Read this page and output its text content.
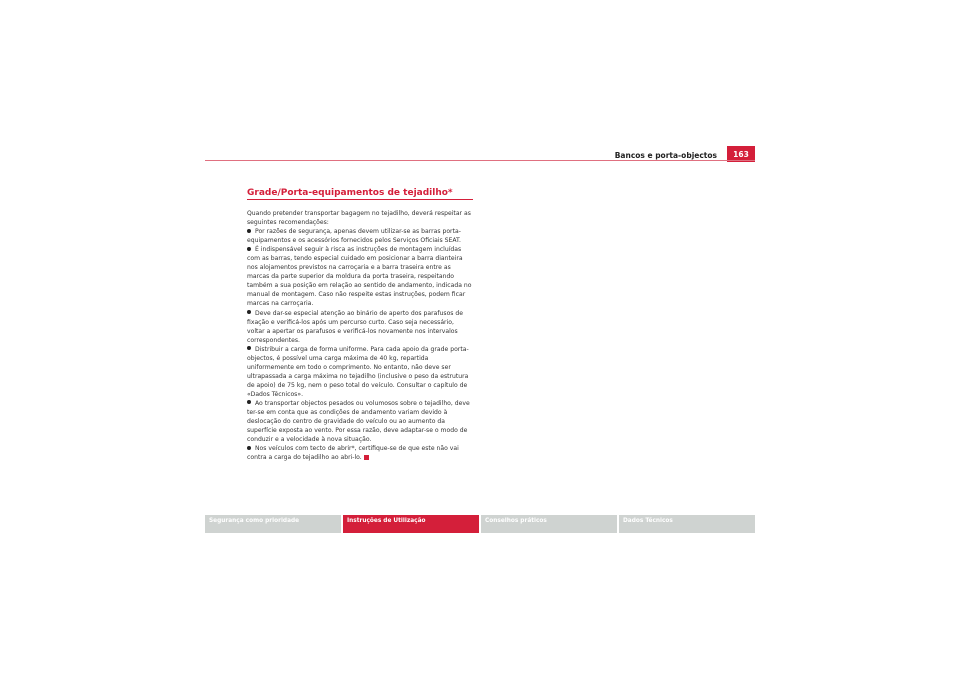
Bancos e porta-objectos	163
Grade/Porta-equipamentos de tejadilho*

Quando pretender transportar bagagem no tejadilho, deverá respeitar as seguintes recomendações:

Por razões de segurança, apenas devem utilizar-se as barras porta-equipamentos e os acessórios fornecidos pelos Serviços Oficiais SEAT.

É indispensável seguir à risca as instruções de montagem incluídas com as barras, tendo especial cuidado em posicionar a barra dianteira nos alojamentos previstos na carroçaria e a barra traseira entre as marcas da parte superior da moldura da porta traseira, respeitando também a sua posição em relação ao sentido de andamento, indicada no manual de montagem. Caso não respeite estas instruções, podem ficar marcas na carroçaria.

Deve dar-se especial atenção ao binário de aperto dos parafusos de fixação e verificá-los após um percurso curto. Caso seja necessário, voltar a apertar os parafusos e verificá-los novamente nos intervalos correspondentes.

Distribuir a carga de forma uniforme. Para cada apoio da grade porta-objectos, é possível uma carga máxima de 40 kg, repartida uniformemente em todo o comprimento. No entanto, não deve ser ultrapassada a carga máxima no tejadilho (inclusive o peso da estrutura de apoio) de 75 kg, nem o peso total do veículo. Consultar o capítulo de «Dados Técnicos».

Ao transportar objectos pesados ou volumosos sobre o tejadilho, deve ter-se em conta que as condições de andamento variam devido à deslocação do centro de gravidade do veículo ou ao aumento da superfície exposta ao vento. Por essa razão, deve adaptar-se o modo de conduzir e a velocidade à nova situação.

Nos veículos com tecto de abrir*, certifique-se de que este não vai contra a carga do tejadilho ao abri-lo.

Segurança como prioridade	Instruções de Utilização	Conselhos práticos	Dados Técnicos
